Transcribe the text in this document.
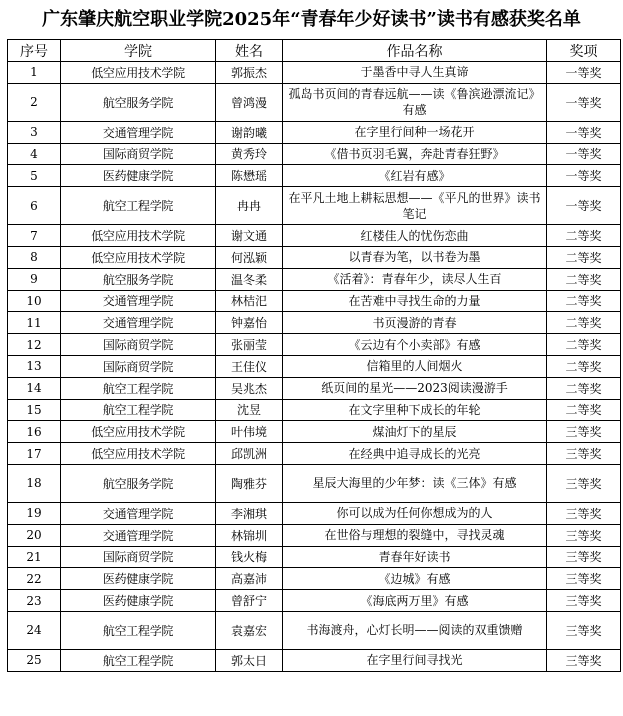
广东肇庆航空职业学院2025年“青春年少好读书”读书有感获奖名单
序号	学院	姓名	作品名称	奖项
1	低空应用技术学院	郭振杰	于墨香中寻人生真谛	一等奖
2	航空服务学院	曾鸿漫	孤岛书页间的青春远航——读《鲁滨逊漂流记》有感	一等奖
3	交通管理学院	谢韵曦	在字里行间种一场花开	一等奖
4	国际商贸学院	黄秀玲	《借书页羽毛翼，奔赴青春狂野》	一等奖
5	医药健康学院	陈懋瑶	《红岩有感》	一等奖
6	航空工程学院	冉冉	在平凡土地上耕耘思想——《平凡的世界》读书笔记	一等奖
7	低空应用技术学院	谢文通	红楼佳人的忧伤恋曲	二等奖
8	低空应用技术学院	何泓颖	以青春为笔，以书卷为墨	二等奖
9	航空服务学院	温冬柔	《活着》：青春年少，读尽人生百	二等奖
10	交通管理学院	林桔汜	在苦难中寻找生命的力量	二等奖
11	交通管理学院	钟嘉怡	书页漫游的青春	二等奖
12	国际商贸学院	张丽莹	《云边有个小卖部》有感	二等奖
13	国际商贸学院	王佳仪	信箱里的人间烟火	二等奖
14	航空工程学院	吴兆杰	纸页间的星光——2023阅读漫游手	二等奖
15	航空工程学院	沈昱	在文字里种下成长的年轮	二等奖
16	低空应用技术学院	叶伟境	煤油灯下的星辰	三等奖
17	低空应用技术学院	邱凯洲	在经典中追寻成长的光亮	三等奖
18	航空服务学院	陶雅芬	星辰大海里的少年梦：读《三体》有感	三等奖
19	交通管理学院	李湘琪	你可以成为任何你想成为的人	三等奖
20	交通管理学院	林锦圳	在世俗与理想的裂缝中，寻找灵魂	三等奖
21	国际商贸学院	钱火梅	青春年好读书	三等奖
22	医药健康学院	高嘉沛	《边城》有感	三等奖
23	医药健康学院	曾舒宁	《海底两万里》有感	三等奖
24	航空工程学院	袁嘉宏	书海渡舟，心灯长明——阅读的双重馈赠	三等奖
25	航空工程学院	郭太日	在字里行间寻找光	三等奖
